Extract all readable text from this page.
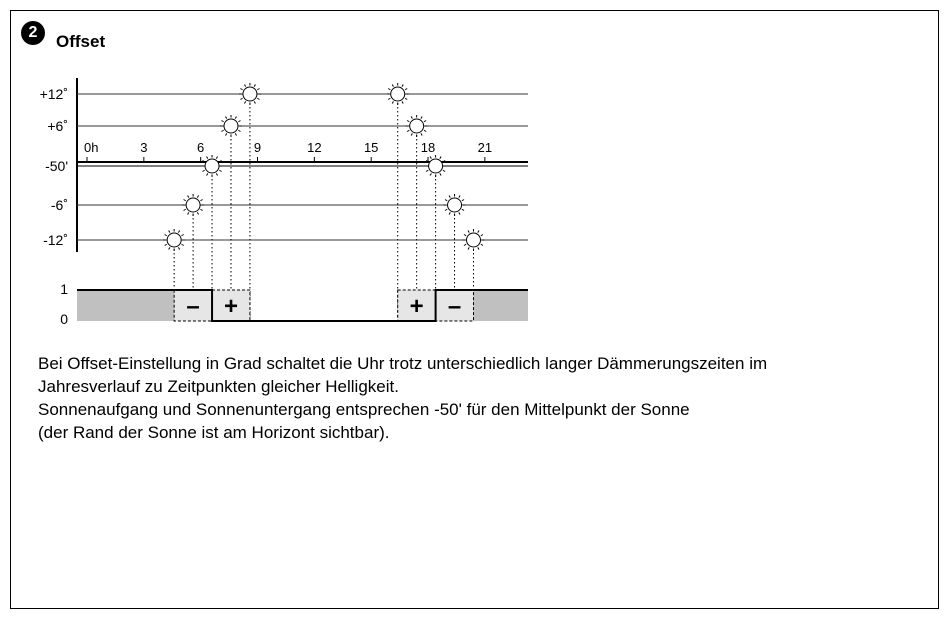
2	Offset
– +	+ –
+12˚
+6˚
-50'
-6˚
-12˚
0h	3	6	9	12	15	18	21
1
0
Bei Offset-Einstellung in Grad schaltet die Uhr trotz unterschiedlich langer Dämmerungszeiten im
Jahresverlauf zu Zeitpunkten gleicher Helligkeit.
Sonnenaufgang und Sonnenuntergang entsprechen -50' für den Mittelpunkt der Sonne
(der Rand der Sonne ist am Horizont sichtbar).
